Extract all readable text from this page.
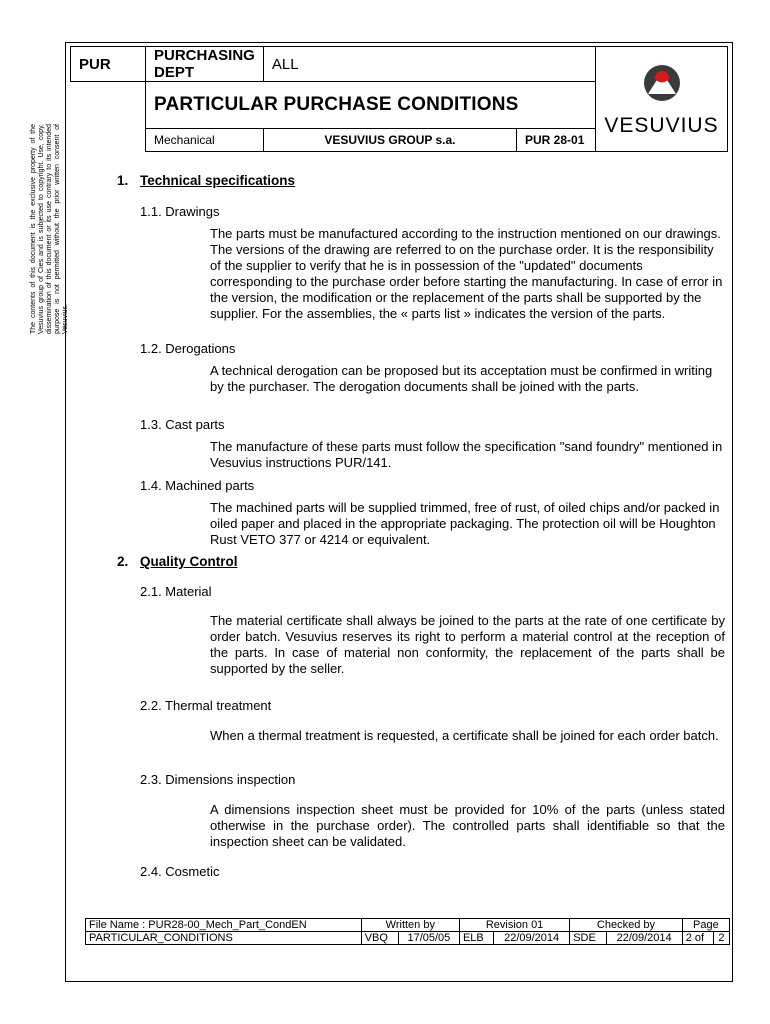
The contents of this document is the exclusive property of the Vesuvius group of Cies and is subjected to copyright. Use, copy, dissemination of this document or its use contrary to its intended purpose is not permitted without the prior written consent of Vesuvius.
PUR	PURCHASING DEPT	ALL		VESUVIUS

	PARTICULAR PURCHASE CONDITIONS			
	Mechanical	VESUVIUS GROUP s.a.	PUR 28-01	
1. Technical specifications
1.1. Drawings
The parts must be manufactured according to the instruction mentioned on our drawings. The versions of the drawing are referred to on the purchase order. It is the responsibility of the supplier to verify that he is in possession of the "updated" documents corresponding to the purchase order before starting the manufacturing. In case of error in the version, the modification or the replacement of the parts shall be supported by the supplier. For the assemblies, the « parts list » indicates the version of the parts.
1.2. Derogations
A technical derogation can be proposed but its acceptation must be confirmed in writing by the purchaser. The derogation documents shall be joined with the parts.
1.3. Cast parts
The manufacture of these parts must follow the specification "sand foundry" mentioned in Vesuvius instructions PUR/141.
1.4. Machined parts
The machined parts will be supplied trimmed, free of rust, of oiled chips and/or packed in oiled paper and placed in the appropriate packaging. The protection oil will be Houghton Rust VETO 377 or 4214 or equivalent.
2. Quality Control
2.1. Material
The material certificate shall always be joined to the parts at the rate of one certificate by order batch. Vesuvius reserves its right to perform a material control at the reception of the parts. In case of material non conformity, the replacement of the parts shall be supported by the seller.
2.2. Thermal treatment
When a thermal treatment is requested, a certificate shall be joined for each order batch.
2.3. Dimensions inspection
A dimensions inspection sheet must be provided for 10% of the parts (unless stated otherwise in the purchase order). The controlled parts shall identifiable so that the inspection sheet can be validated.
2.4. Cosmetic
File Name : PUR28-00_Mech_Part_CondEN	Written by		Revision 01		Checked by		Page	
PARTICULAR_CONDITIONS	VBQ	17/05/05	ELB	22/09/2014	SDE	22/09/2014	2 of	2
